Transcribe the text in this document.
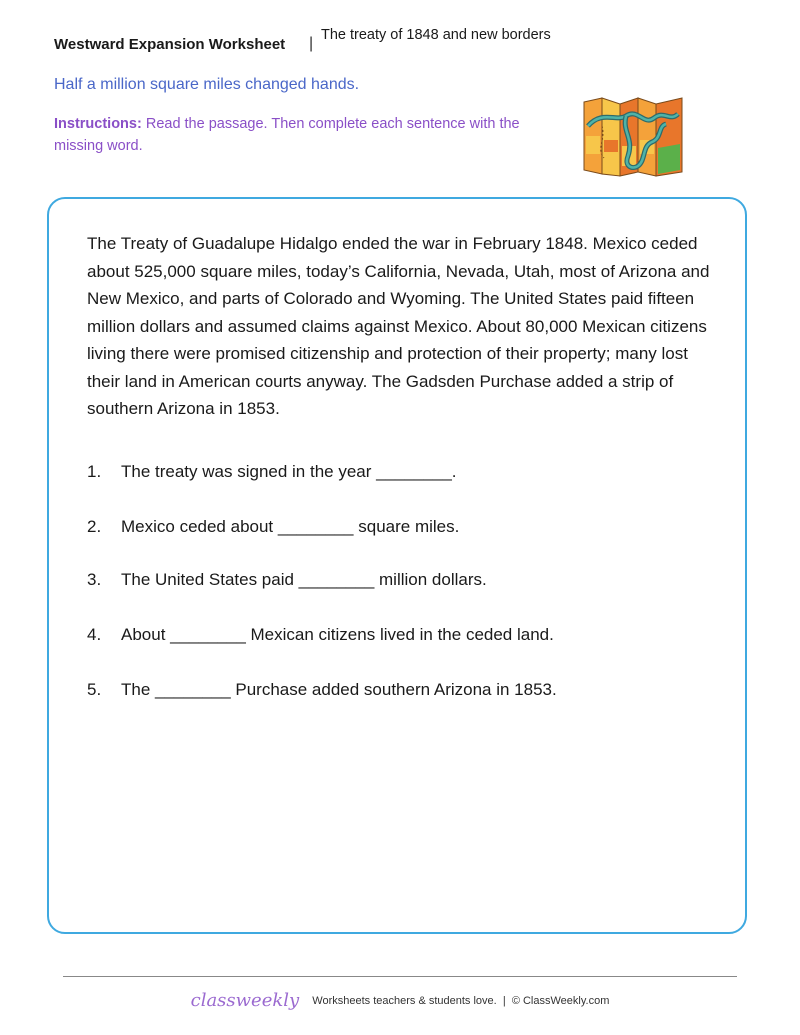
Westward Expansion Worksheet | The treaty of 1848 and new borders
Half a million square miles changed hands.
Instructions: Read the passage. Then complete each sentence with the missing word.
The Treaty of Guadalupe Hidalgo ended the war in February 1848. Mexico ceded about 525,000 square miles, today’s California, Nevada, Utah, most of Arizona and New Mexico, and parts of Colorado and Wyoming. The United States paid fifteen million dollars and assumed claims against Mexico. About 80,000 Mexican citizens living there were promised citizenship and protection of their property; many lost their land in American courts anyway. The Gadsden Purchase added a strip of southern Arizona in 1853.
1. The treaty was signed in the year ________.
2. Mexico ceded about ________ square miles.
3. The United States paid ________ million dollars.
4. About ________ Mexican citizens lived in the ceded land.
5. The ________ Purchase added southern Arizona in 1853.
classweekly Worksheets teachers & students love. | © ClassWeekly.com
